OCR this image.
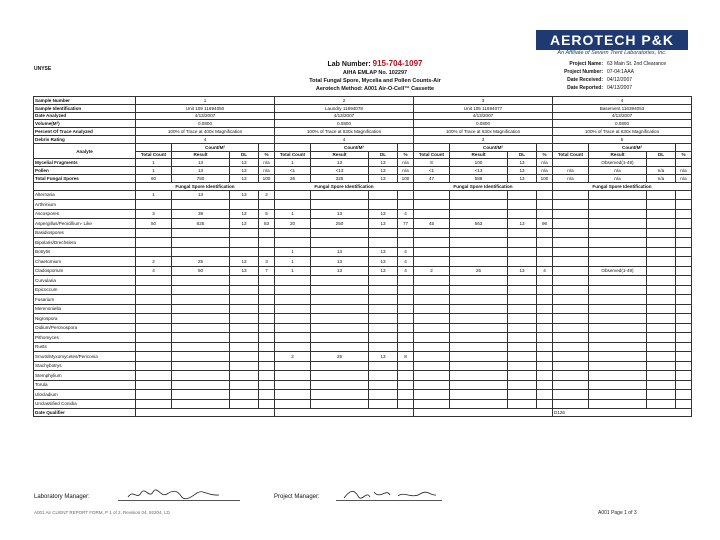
AEROTECH P&K
An Affiliate of Severn Trent Laboratories, Inc.
UNYSE
Lab Number: 915-704-1097
AIHA EMLAP No. 102297
Total Fungal Spore, Mycelia and Pollen Counts-Air
Aerotech Method: A001 Air-O-Cell™ Cassette
Project Name: 63 Main St. 2nd Clearance
Project Number: 07-04:1AAA
Date Received: 04/12/2007
Date Reported: 04/13/2007
Sample Number	1				2				3				4			
Sample Identification	Unit 109 11694050				Laundry 11694078				Unit 105 11694077				Basement 116394053			
Date Analyzed	4/13/2007				4/13/2007				4/13/2007				4/13/2007			
Volume(M³)	0.0800				0.0800				0.0800				0.0800			
Percent Of Trace Analyzed	100% of Trace at 400x Magnification				100% of Trace at 630x Magnification				100% of Trace at 630x Magnification				100% of Trace at 630x Magnification			
Debris Rating	4				4				3				5			
Analyte		Count/M³				Count/M³				Count/M³				Count/M³		
	Total Count	Result	DL	%	Total Count	Result	DL	%	Total Count	Result	DL	%	Total Count	Result	DL	%
Mycelial Fragments	1	13	13	n/a	1	13	13	n/a	8	100	13	n/a		Observed(1-49)		
Pollen	1	13	13	n/a	<1	<13	13	n/a	<1	<13	13	n/a	n/a	n/a	n/a	n/a
Total Fungal Spores	60	750	13	100	26	325	13	100	47	588	13	100	n/a	n/a	n/a	n/a
	Fungal Spore Identification				Fungal Spore Identification				Fungal Spore Identification				Fungal Spore Identification			
Alternaria	1	13	13	2												
Arthrinium																
Ascospores	3	38	13	5	1	13	13	4								
Aspergillus/Penicillium- Like	50	625	13	83	20	250	13	77	45	563	13	96				
Basidiospores																
Bipolaris/Drechslera																
Botrytis					1	13	13	4								
Chaetomium	2	25	13	3	1	13	13	4								
Cladosporium	4	50	13	7	1	13	13	4	2	25	13	4		Observed(1-49)		
Curvularia																
Epicoccum																
Fusarium																
Memnoniella																
Nigrospora																
Oidium/Peronospora																
Pithomyces																
Rusts																
Smuts/Myxomycetes/Periconia					2	25	13	8								
Stachybotrys																
Stemphylium																
Torula																
Ulocladium																
Unclassified Conidia																
Date Qualifier													D126			
Laboratory Manager:	Project Manager:
A001 Air CLIENT REPORT FORM, P 1 of 2, Revision 04, 92204, LD	A001 Page 1 of 3
